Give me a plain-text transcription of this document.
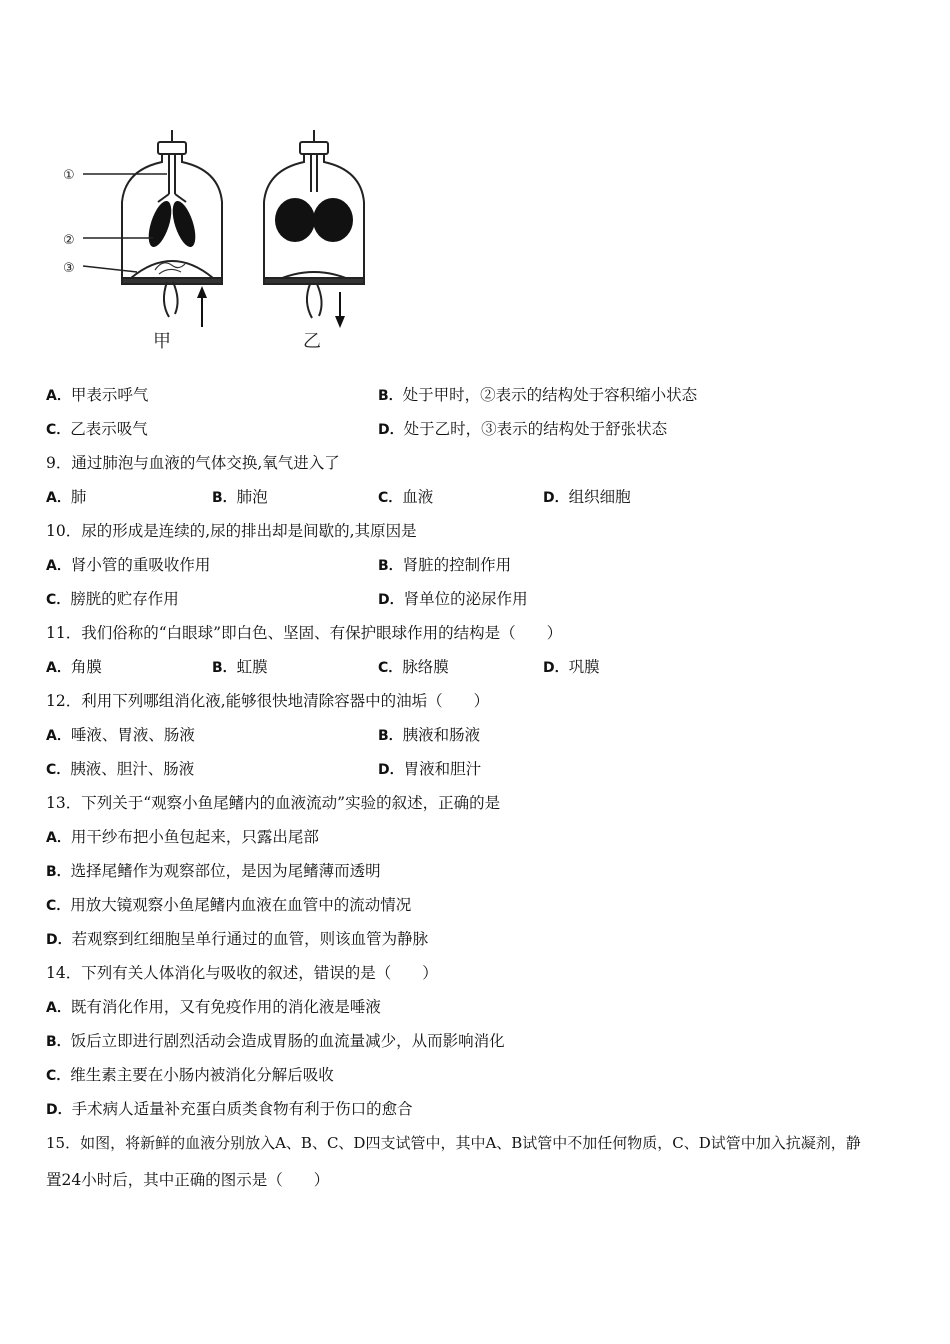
①
②
③
甲	乙
A．甲表示呼气	B．处于甲时，②表示的结构处于容积缩小状态
C．乙表示吸气	D．处于乙时，③表示的结构处于舒张状态
9．通过肺泡与血液的气体交换,氧气进入了
A．肺	B．肺泡	C．血液	D．组织细胞
10．尿的形成是连续的,尿的排出却是间歇的,其原因是
A．肾小管的重吸收作用	B．肾脏的控制作用
C．膀胱的贮存作用	D．肾单位的泌尿作用
11．我们俗称的“白眼球”即白色、坚固、有保护眼球作用的结构是（　　）
A．角膜	B．虹膜	C．脉络膜	D．巩膜
12．利用下列哪组消化液,能够很快地清除容器中的油垢（　　）
A．唾液、胃液、肠液	B．胰液和肠液
C．胰液、胆汁、肠液	D．胃液和胆汁
13．下列关于“观察小鱼尾鳍内的血液流动”实验的叙述，正确的是
A．用干纱布把小鱼包起来，只露出尾部
B．选择尾鳍作为观察部位，是因为尾鳍薄而透明
C．用放大镜观察小鱼尾鳍内血液在血管中的流动情况
D．若观察到红细胞呈单行通过的血管，则该血管为静脉
14．下列有关人体消化与吸收的叙述，错误的是（　　）
A．既有消化作用，又有免疫作用的消化液是唾液
B．饭后立即进行剧烈活动会造成胃肠的血流量减少，从而影响消化
C．维生素主要在小肠内被消化分解后吸收
D．手术病人适量补充蛋白质类食物有利于伤口的愈合
15．如图，将新鲜的血液分别放入A、B、C、D四支试管中，其中A、B试管中不加任何物质，C、D试管中加入抗凝剂，静
置24小时后，其中正确的图示是（　　）
